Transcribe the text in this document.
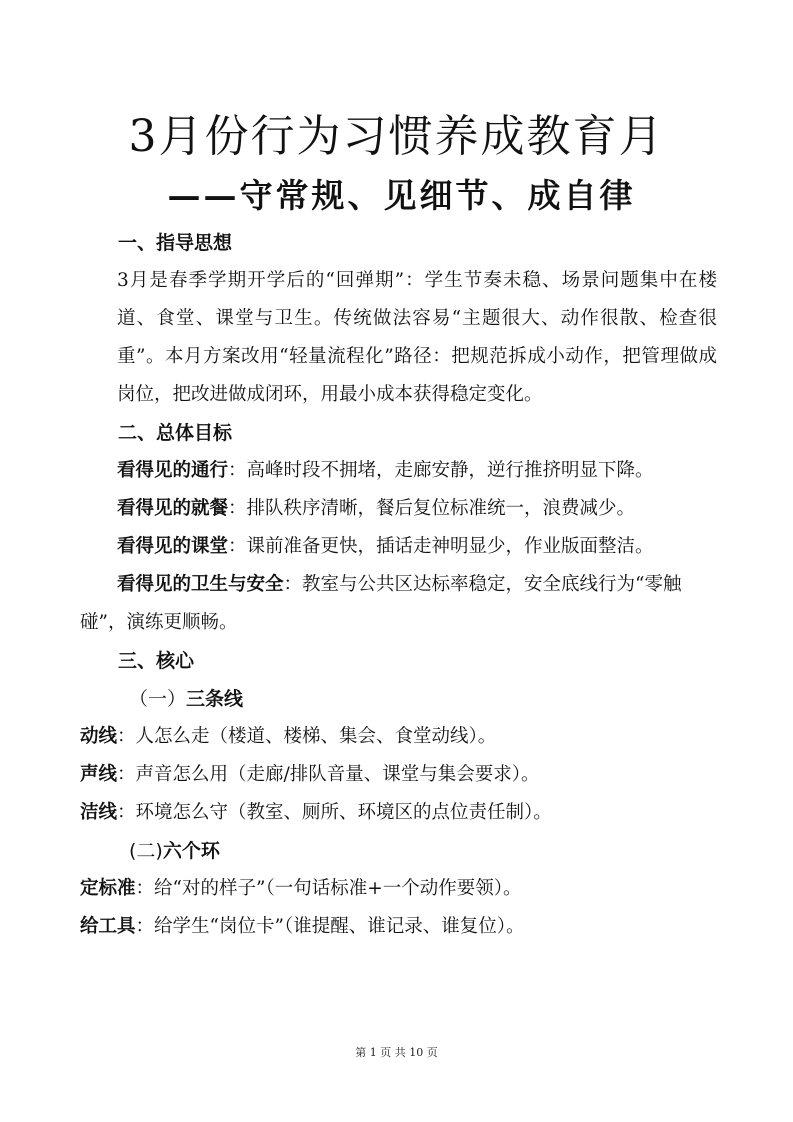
3月份行为习惯养成教育月
——守常规、见细节、成自律

一、指导思想

3月是春季学期开学后的“回弹期”：学生节奏未稳、场景问题集中在楼道、食堂、课堂与卫生。传统做法容易“主题很大、动作很散、检查很重”。本月方案改用“轻量流程化”路径：把规范拆成小动作，把管理做成岗位，把改进做成闭环，用最小成本获得稳定变化。

二、总体目标

看得见的通行：高峰时段不拥堵，走廊安静，逆行推挤明显下降。

看得见的就餐：排队秩序清晰，餐后复位标准统一，浪费减少。

看得见的课堂：课前准备更快，插话走神明显少，作业版面整洁。

看得见的卫生与安全：教室与公共区达标率稳定，安全底线行为“零触碰”，演练更顺畅。

三、核心

（一）三条线

动线：人怎么走（楼道、楼梯、集会、食堂动线）。

声线：声音怎么用（走廊/排队音量、课堂与集会要求）。

洁线：环境怎么守（教室、厕所、环境区的点位责任制）。

(二)六个环

定标准：给“对的样子”（一句话标准+一个动作要领）。

给工具：给学生“岗位卡”（谁提醒、谁记录、谁复位）。

第 1 页 共 10 页
